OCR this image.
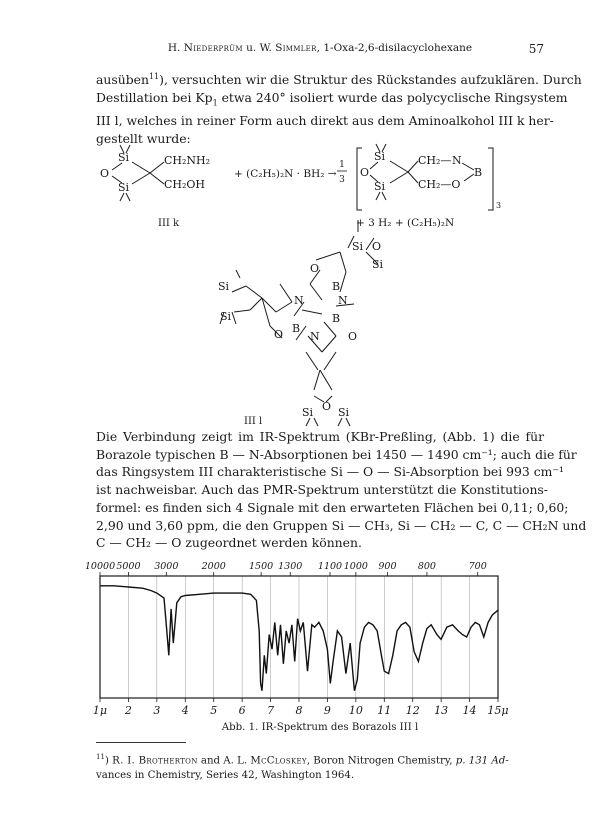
H. Niederprüm u. W. Simmler, 1-Oxa-2,6-disilacyclohexane	57
ausüben$^{11}$), versuchten wir die Struktur des Rückstandes aufzuklären. Durch
Destillation bei $Kp_1$ etwa 240° isoliert wurde das polycyclische Ringsystem
III l, welches in reiner Form auch direkt aus dem Aminoalkohol III k her-
gestellt wurde:
Si
O
Si
CH₂NH₂
CH₂OH
+ (C₂H₅)₂N · BH₂ →
1
3
Si
O
Si
CH₂— N
CH₂—O
B
3
+ 3 H₂ + (C₂H₅)₂N
III k
Si O
Si
O
B
Si
N	N
Si	B
B
N
O	O
III l
Si O Si
Die Verbindung zeigt im IR-Spektrum (KBr-Preßling, (Abb. 1) die für
Borazole typischen B — N-Absorptionen bei 1450 — 1490 cm⁻¹; auch die für
das Ringsystem III charakteristische Si — O — Si-Absorption bei 993 cm⁻¹
ist nachweisbar. Auch das PMR-Spektrum unterstützt die Konstitutions-
formel: es finden sich 4 Signale mit den erwarteten Flächen bei 0,11; 0,60;
2,90 und 3,60 ppm, die den Gruppen Si — CH₃, Si — CH₂ — C, C — CH₂N und
C — CH₂ — O zugeordnet werden können.
10000 5000 3000 2000 1500 1300 1100 1000 900 800	700
1μ 2 3 4 5 6 7 8 9 10 11 12 13 14 15μ
Abb. 1. IR-Spektrum des Borazols III l

$^{11}$) R. I. Brotherton and A. L. McCloskey, Boron Nitrogen Chemistry, p. 131 Ad-
vances in Chemistry, Series 42, Washington 1964.
